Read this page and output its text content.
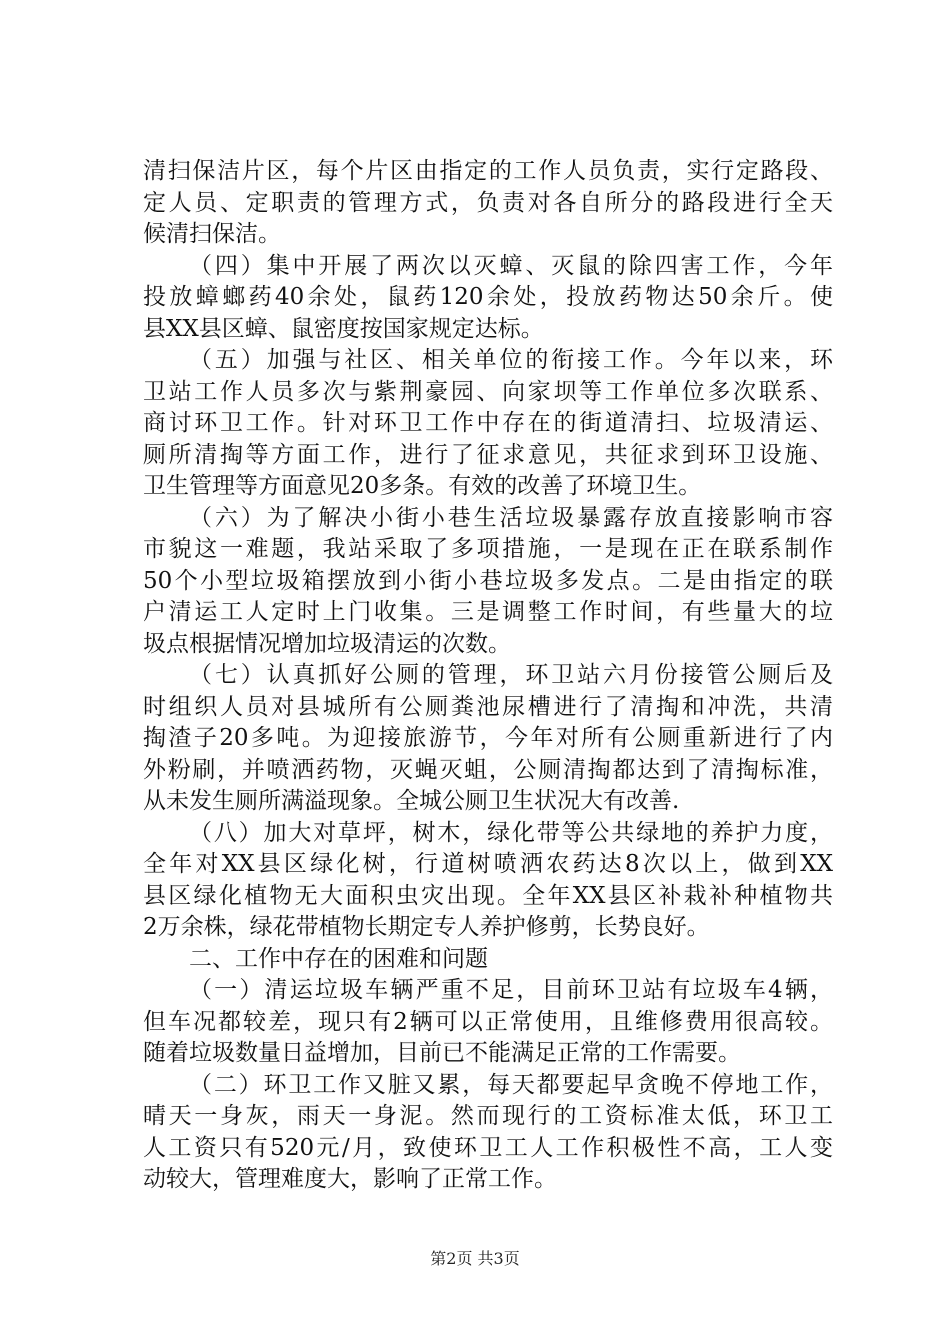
清扫保洁片区，每个片区由指定的工作人员负责，实行定路段、
定人员、定职责的管理方式，负责对各自所分的路段进行全天
候清扫保洁。
（四）集中开展了两次以灭蟑、灭鼠的除四害工作，今年
投放蟑螂药40余处，鼠药120余处，投放药物达50余斤。使
县XX县区蟑、鼠密度按国家规定达标。
（五）加强与社区、相关单位的衔接工作。今年以来，环
卫站工作人员多次与紫荆豪园、向家坝等工作单位多次联系、
商讨环卫工作。针对环卫工作中存在的街道清扫、垃圾清运、
厕所清掏等方面工作，进行了征求意见，共征求到环卫设施、
卫生管理等方面意见20多条。有效的改善了环境卫生。
（六）为了解决小街小巷生活垃圾暴露存放直接影响市容
市貌这一难题，我站采取了多项措施，一是现在正在联系制作
50个小型垃圾箱摆放到小街小巷垃圾多发点。二是由指定的联
户清运工人定时上门收集。三是调整工作时间，有些量大的垃
圾点根据情况增加垃圾清运的次数。
（七）认真抓好公厕的管理，环卫站六月份接管公厕后及
时组织人员对县城所有公厕粪池尿槽进行了清掏和冲洗，共清
掏渣子20多吨。为迎接旅游节，今年对所有公厕重新进行了内
外粉刷，并喷洒药物，灭蝇灭蛆，公厕清掏都达到了清掏标准，
从未发生厕所满溢现象。全城公厕卫生状况大有改善.
（八）加大对草坪，树木，绿化带等公共绿地的养护力度，
全年对XX县区绿化树，行道树喷洒农药达8次以上，做到XX
县区绿化植物无大面积虫灾出现。全年XX县区补栽补种植物共
2万余株，绿花带植物长期定专人养护修剪，长势良好。
二、工作中存在的困难和问题
（一）清运垃圾车辆严重不足，目前环卫站有垃圾车4辆，
但车况都较差，现只有2辆可以正常使用，且维修费用很高较。
随着垃圾数量日益增加，目前已不能满足正常的工作需要。
（二）环卫工作又脏又累，每天都要起早贪晚不停地工作，
晴天一身灰，雨天一身泥。然而现行的工资标准太低，环卫工
人工资只有520元/月，致使环卫工人工作积极性不高，工人变
动较大，管理难度大，影响了正常工作。
第2页 共3页
